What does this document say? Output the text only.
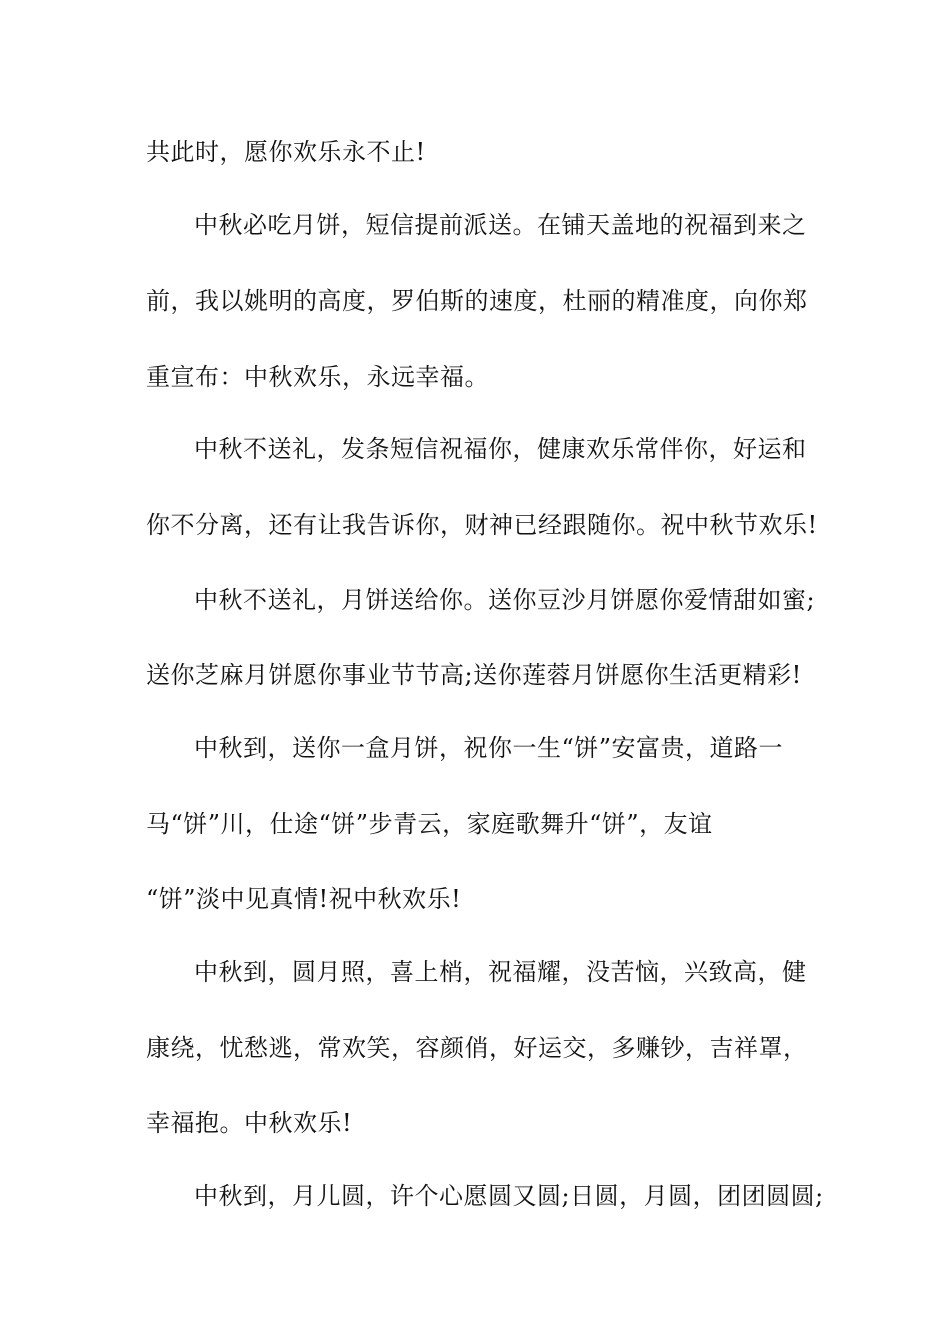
共此时，愿你欢乐永不止!
中秋必吃月饼，短信提前派送。在铺天盖地的祝福到来之
前，我以姚明的高度，罗伯斯的速度，杜丽的精准度，向你郑
重宣布：中秋欢乐，永远幸福。
中秋不送礼，发条短信祝福你，健康欢乐常伴你，好运和
你不分离，还有让我告诉你，财神已经跟随你。祝中秋节欢乐!
中秋不送礼，月饼送给你。送你豆沙月饼愿你爱情甜如蜜;
送你芝麻月饼愿你事业节节高;送你莲蓉月饼愿你生活更精彩!
中秋到，送你一盒月饼，祝你一生“饼”安富贵，道路一
马“饼”川，仕途“饼”步青云，家庭歌舞升“饼”，友谊
“饼”淡中见真情!祝中秋欢乐!
中秋到，圆月照，喜上梢，祝福耀，没苦恼，兴致高，健
康绕，忧愁逃，常欢笑，容颜俏，好运交，多赚钞，吉祥罩，
幸福抱。中秋欢乐!
中秋到，月儿圆，许个心愿圆又圆;日圆，月圆，团团圆圆;
